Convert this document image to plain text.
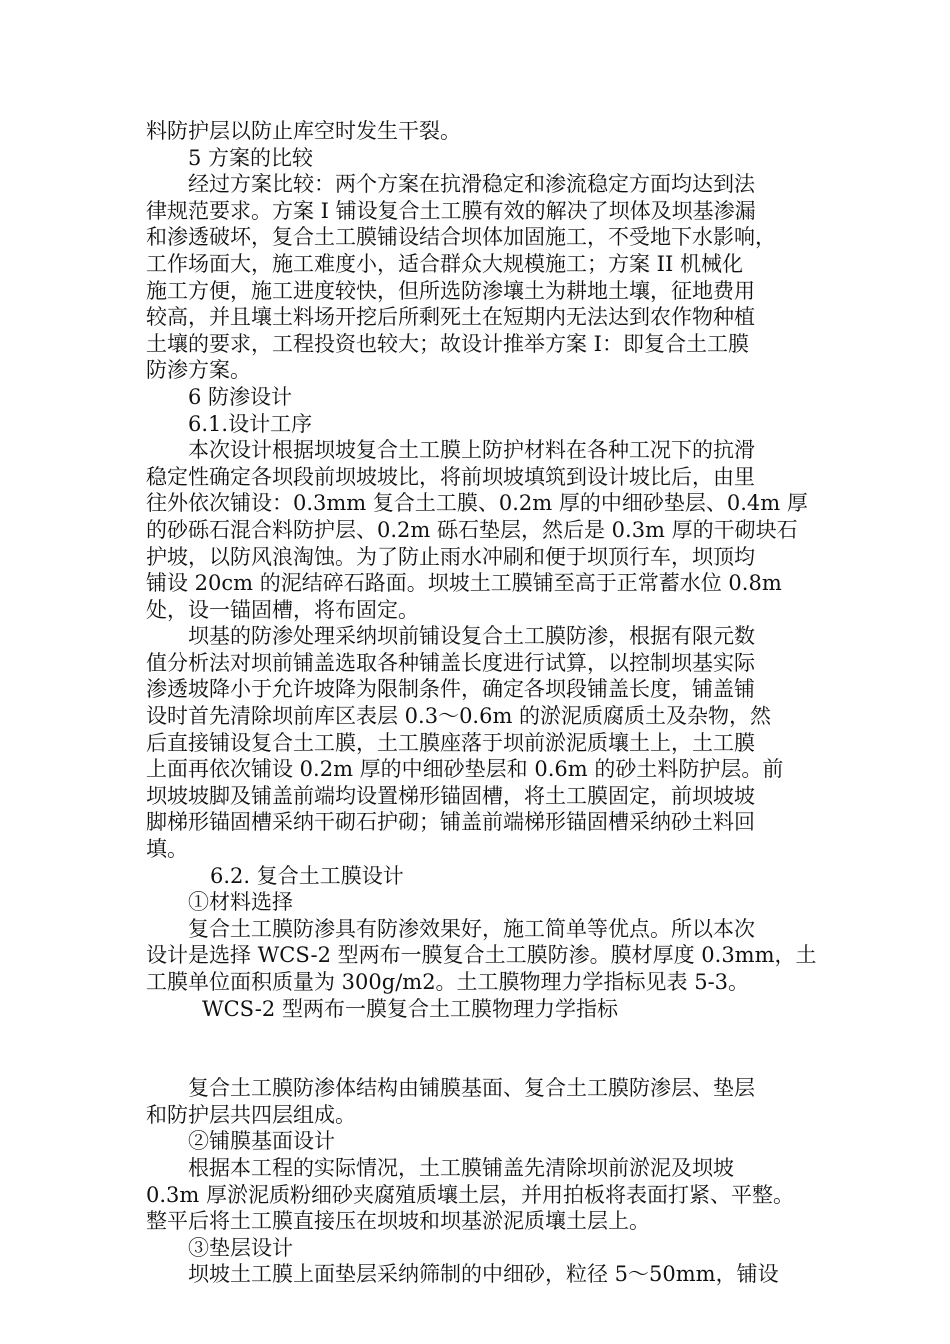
料防护层以防止库空时发生干裂。
5 方案的比较
经过方案比较：两个方案在抗滑稳定和渗流稳定方面均达到法
律规范要求。方案 I 铺设复合土工膜有效的解决了坝体及坝基渗漏
和渗透破坏，复合土工膜铺设结合坝体加固施工，不受地下水影响，
工作场面大，施工难度小，适合群众大规模施工；方案 II 机械化
施工方便，施工进度较快，但所选防渗壤土为耕地土壤，征地费用
较高，并且壤土料场开挖后所剩死土在短期内无法达到农作物种植
土壤的要求，工程投资也较大；故设计推举方案 I：即复合土工膜
防渗方案。
6 防渗设计
6.1.设计工序
本次设计根据坝坡复合土工膜上防护材料在各种工况下的抗滑
稳定性确定各坝段前坝坡坡比，将前坝坡填筑到设计坡比后，由里
往外依次铺设：0.3mm 复合土工膜、0.2m 厚的中细砂垫层、0.4m 厚
的砂砾石混合料防护层、0.2m 砾石垫层，然后是 0.3m 厚的干砌块石
护坡，以防风浪淘蚀。为了防止雨水冲刷和便于坝顶行车，坝顶均
铺设 20cm 的泥结碎石路面。坝坡土工膜铺至高于正常蓄水位 0.8m
处，设一锚固槽，将布固定。
坝基的防渗处理采纳坝前铺设复合土工膜防渗，根据有限元数
值分析法对坝前铺盖选取各种铺盖长度进行试算，以控制坝基实际
渗透坡降小于允许坡降为限制条件，确定各坝段铺盖长度，铺盖铺
设时首先清除坝前库区表层 0.3～0.6m 的淤泥质腐质土及杂物，然
后直接铺设复合土工膜，土工膜座落于坝前淤泥质壤土上，土工膜
上面再依次铺设 0.2m 厚的中细砂垫层和 0.6m 的砂土料防护层。前
坝坡坡脚及铺盖前端均设置梯形锚固槽，将土工膜固定，前坝坡坡
脚梯形锚固槽采纳干砌石护砌；铺盖前端梯形锚固槽采纳砂土料回
填。
6.2. 复合土工膜设计
①材料选择
复合土工膜防渗具有防渗效果好，施工简单等优点。所以本次
设计是选择 WCS-2 型两布一膜复合土工膜防渗。膜材厚度 0.3mm，土
工膜单位面积质量为 300g/m2。土工膜物理力学指标见表 5-3。
WCS-2 型两布一膜复合土工膜物理力学指标
复合土工膜防渗体结构由铺膜基面、复合土工膜防渗层、垫层
和防护层共四层组成。
②铺膜基面设计
根据本工程的实际情况，土工膜铺盖先清除坝前淤泥及坝坡
0.3m 厚淤泥质粉细砂夹腐殖质壤土层，并用拍板将表面打紧、平整。
整平后将土工膜直接压在坝坡和坝基淤泥质壤土层上。
③垫层设计
坝坡土工膜上面垫层采纳筛制的中细砂，粒径 5～50mm，铺设
